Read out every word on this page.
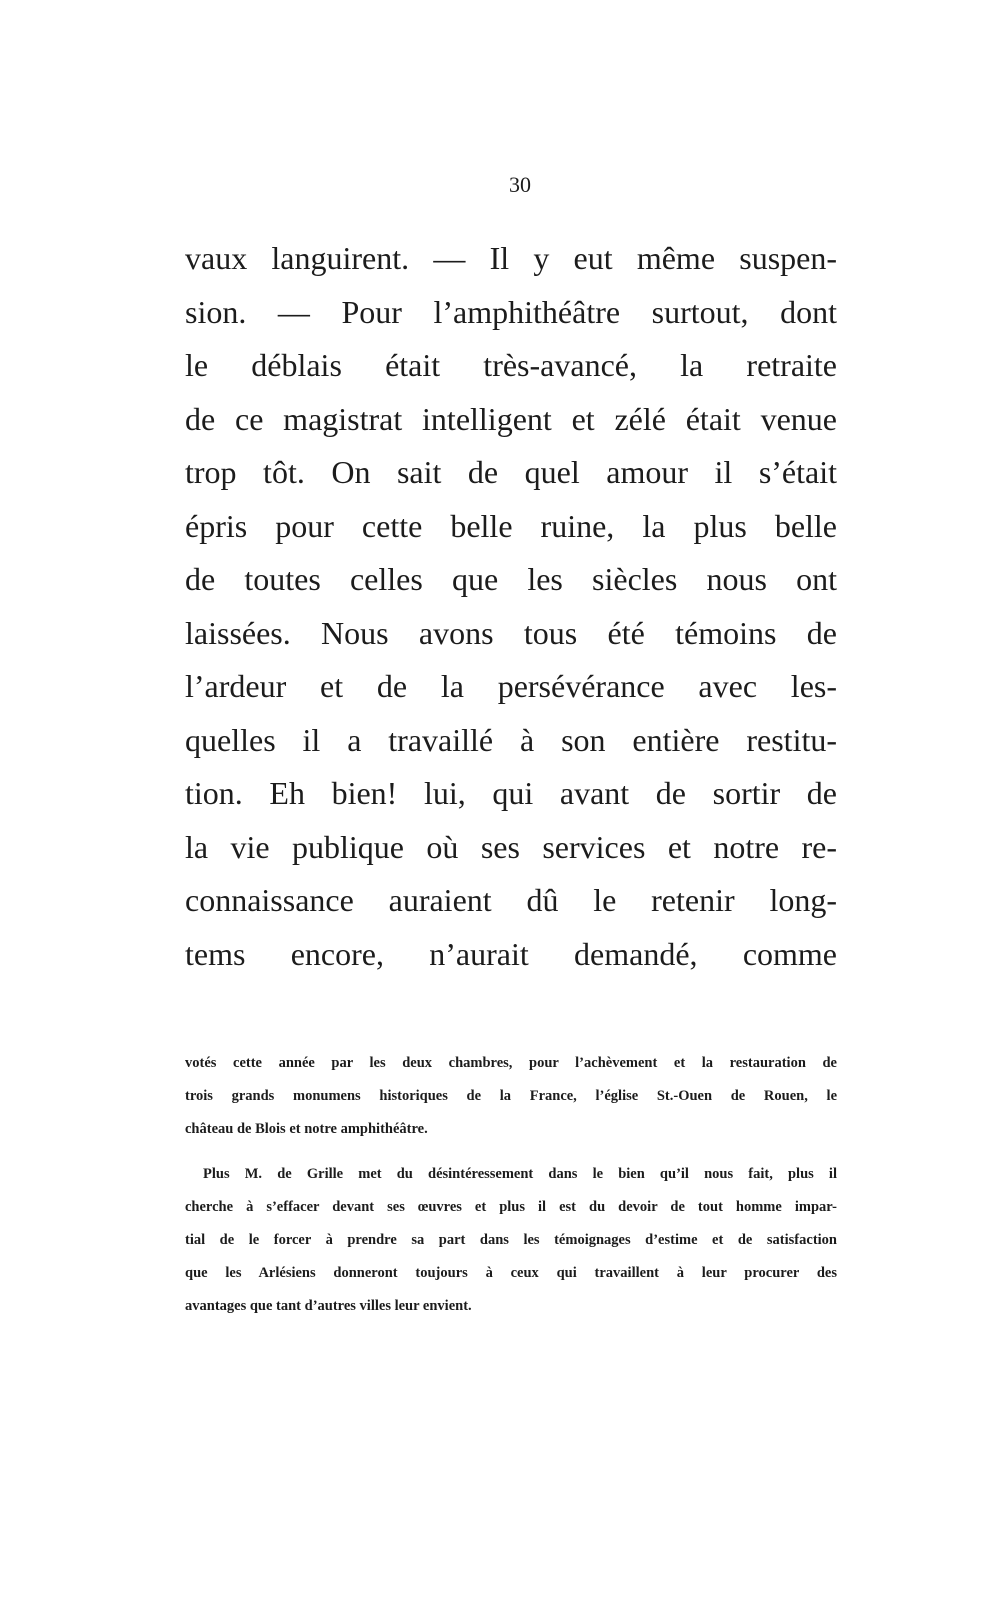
30
vaux languirent. — Il y eut même suspen-
sion. — Pour l’amphithéâtre surtout, dont
le déblais était très-avancé, la retraite
de ce magistrat intelligent et zélé était venue
trop tôt. On sait de quel amour il s’était
épris pour cette belle ruine, la plus belle
de toutes celles que les siècles nous ont
laissées. Nous avons tous été témoins de
l’ardeur et de la persévérance avec les-
quelles il a travaillé à son entière restitu-
tion. Eh bien! lui, qui avant de sortir de
la vie publique où ses services et notre re-
connaissance auraient dû le retenir long-
tems encore, n’aurait demandé, comme
votés cette année par les deux chambres, pour l’achèvement et la restauration de
trois grands monumens historiques de la France, l’église St.-Ouen de Rouen, le
château de Blois et notre amphithéâtre.
Plus M. de Grille met du désintéressement dans le bien qu’il nous fait, plus il
cherche à s’effacer devant ses œuvres et plus il est du devoir de tout homme impar-
tial de le forcer à prendre sa part dans les témoignages d’estime et de satisfaction
que les Arlésiens donneront toujours à ceux qui travaillent à leur procurer des
avantages que tant d’autres villes leur envient.
